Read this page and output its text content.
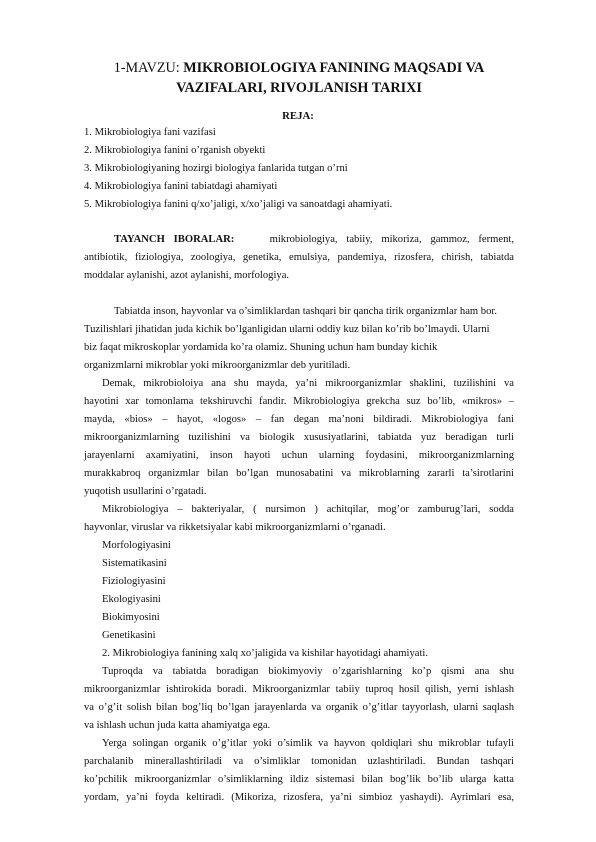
1-MAVZU: MIKROBIOLOGIYA FANINING MAQSADI VA
VAZIFALARI, RIVOJLANISH TARIXI
REJA:
1. Mikrobiologiya fani vazifasi
2. Mikrobiologiya fanini o’rganish obyekti
3. Mikrobiologiyaning hozirgi biologiya fanlarida tutgan o’rni
4. Mikrobiologiya fanini tabiatdagi ahamiyati
5. Mikrobiologiya fanini q/xo’jaligi, x/xo’jaligi va sanoatdagi ahamiyati.
TAYANCH IBORALAR:	mikrobiologiya, tabiiy, mikoriza, gammoz, ferment,
antibiotik, fiziologiya, zoologiya, genetika, emulsiya, pandemiya, rizosfera, chirish, tabiatda
moddalar aylanishi, azot aylanishi, morfologiya.
Tabiatda inson, hayvonlar va o’simliklardan tashqari bir qancha tirik organizmlar ham bor.
Tuzilishlari jihatidan juda kichik bo’lganligidan ularni oddiy kuz bilan ko’rib bo’lmaydi. Ularni
biz faqat mikroskoplar yordamida ko’ra olamiz. Shuning uchun ham bunday kichik
organizmlarni mikroblar yoki mikroorganizmlar deb yuritiladi.
Demak, mikrobioloiya ana shu mayda, ya’ni mikroorganizmlar shaklini, tuzilishini va
hayotini xar tomonlama tekshiruvchi fandir. Mikrobiologiya grekcha suz bo’lib, «mikros» –
mayda, «bios» – hayot, «logos» – fan degan ma’noni bildiradi. Mikrobiologiya fani
mikroorganizmlarning tuzilishini va biologik xususiyatlarini, tabiatda yuz beradigan turli
jarayenlarni axamiyatini, inson hayoti uchun ularning foydasini, mikroorganizmlarning
murakkabroq organizmlar bilan bo’lgan munosabatini va mikroblarning zararli ta’sirotlarini
yuqotish usullarini o’rgatadi.
Mikrobiologiya – bakteriyalar, ( nursimon ) achitqilar, mog’or zamburug’lari, sodda
hayvonlar, viruslar va rikketsiyalar kabi mikroorganizmlarni o’rganadi.
Morfologiyasini
Sistematikasini
Fiziologiyasini
Ekologiyasini
Biokimyosini
Genetikasini
2. Mikrobiologiya fanining xalq xo’jaligida va kishilar hayotidagi ahamiyati.
Tuproqda va tabiatda boradigan biokimyoviy o’zgarishlarning ko’p qismi ana shu
mikroorganizmlar ishtirokida boradi. Mikroorganizmlar tabiiy tuproq hosil qilish, yerni ishlash
va o’g’it solish bilan bog’liq bo’lgan jarayenlarda va organik o’g’itlar tayyorlash, ularni saqlash
va ishlash uchun juda katta ahamiyatga ega.
Yerga solingan organik o’g’itlar yoki o’simlik va hayvon qoldiqlari shu mikroblar tufayli
parchalanib minerallashtiriladi va o’simliklar tomonidan uzlashtiriladi. Bundan tashqari
ko’pchilik mikroorganizmlar o’simliklarning ildiz sistemasi bilan bog’lik bo’lib ularga katta
yordam, ya’ni foyda keltiradi. (Mikoriza, rizosfera, ya’ni simbioz yashaydi). Ayrimlari esa,
